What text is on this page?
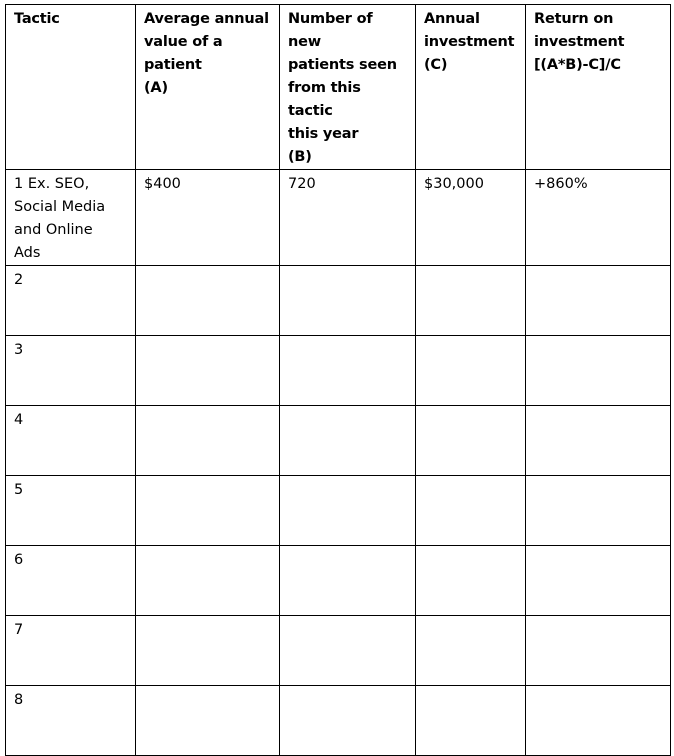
Tactic	Average annual
value of a
patient
(A)	Number of new
patients seen
from this tactic
this year
(B)	Annual
investment
(C)	Return on
investment
[(A*B)-C]/C

1 Ex. SEO,
Social Media
and Online
Ads	$400	720	$30,000	+860%

2				

3				

4				

5				

6				

7				

8				
